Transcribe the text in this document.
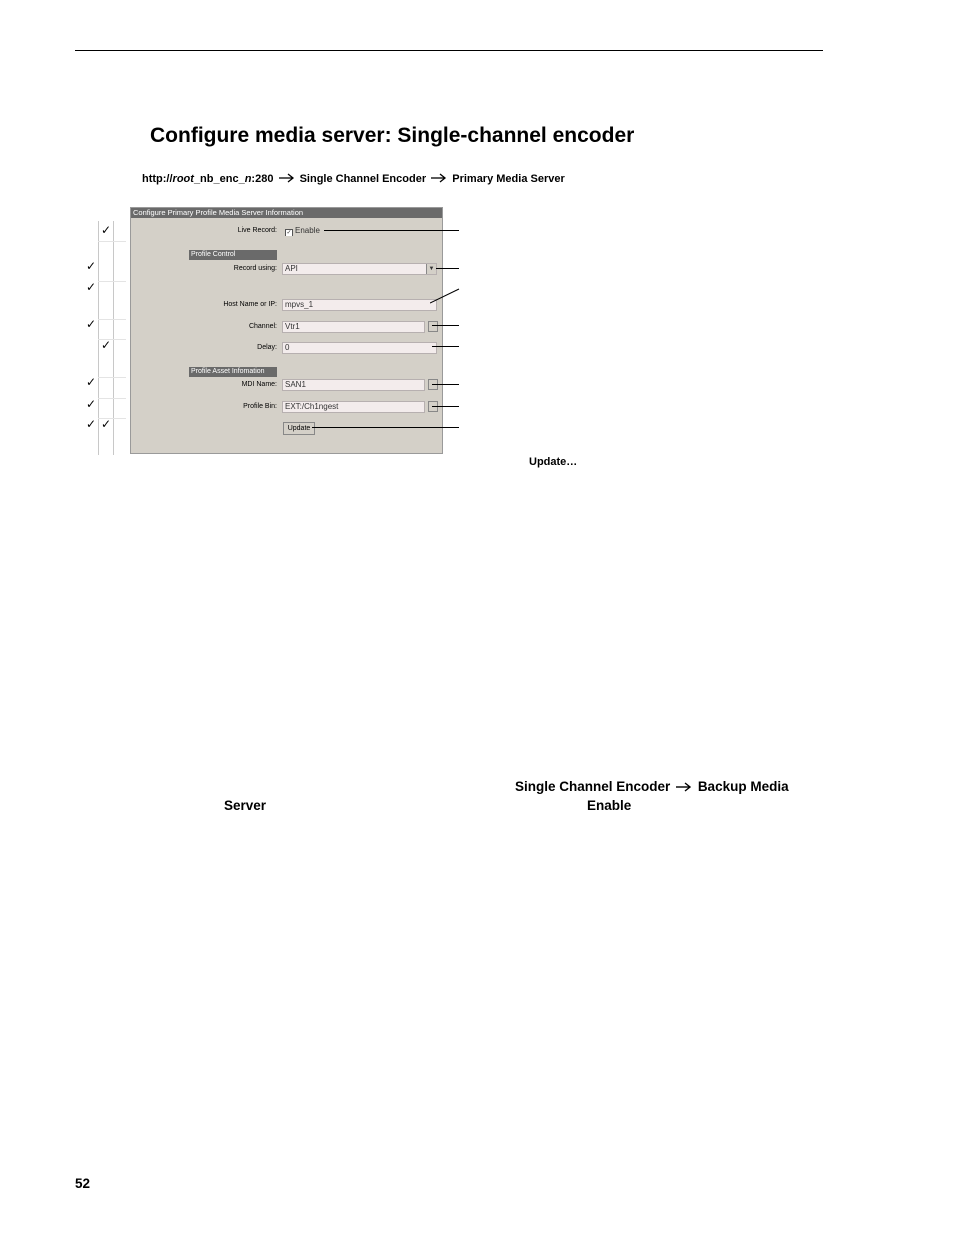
Configure media server: Single-channel encoder
http://root_nb_enc_n:280 Single Channel Encoder Primary Media Server
✓
✓
✓
✓
✓
✓
✓
✓ ✓
Configure Primary Profile Media Server Information
Live Record:	✓ Enable
Profile Control
Record using:	API	▼
Host Name or IP:	mpvs_1
Channel:	Vtr1
Delay:	0
Profile Asset Infomation
MDI Name:	SAN1
Profile Bin:	EXT:/Ch1ngest
Update
Update…
Single Channel Encoder Backup Media
Server	Enable
52
